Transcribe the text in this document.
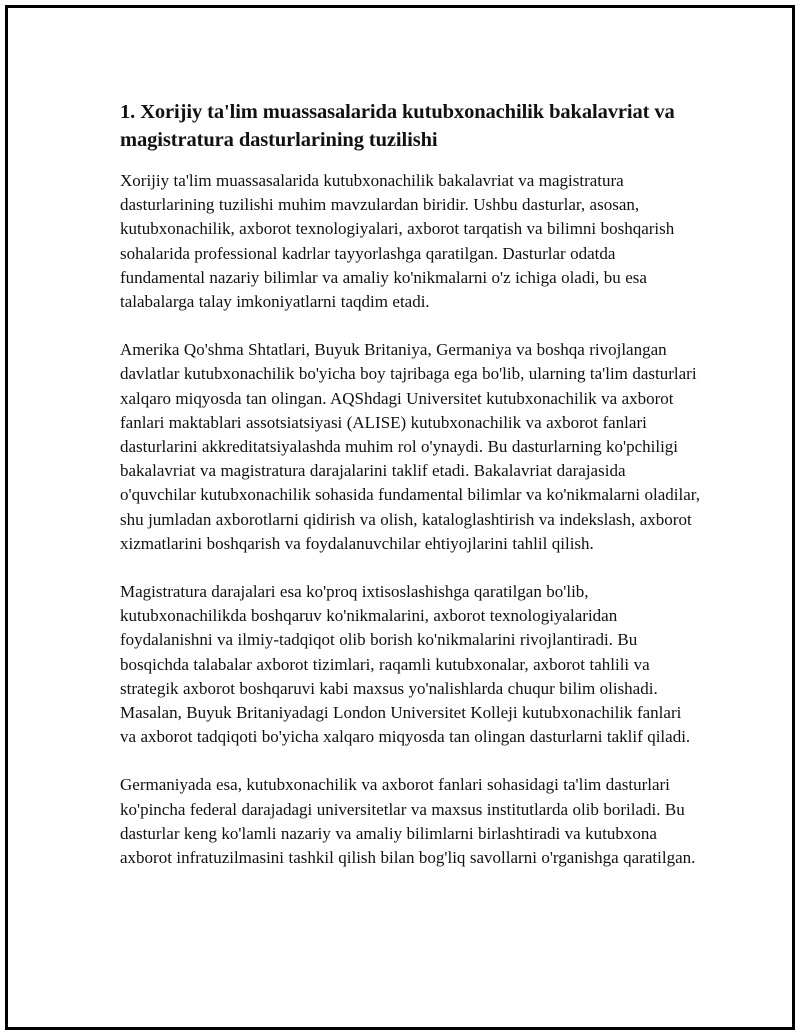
1. Xorijiy ta'lim muassasalarida kutubxonachilik bakalavriat va magistratura dasturlarining tuzilishi

Xorijiy ta'lim muassasalarida kutubxonachilik bakalavriat va magistratura dasturlarining tuzilishi muhim mavzulardan biridir. Ushbu dasturlar, asosan, kutubxonachilik, axborot texnologiyalari, axborot tarqatish va bilimni boshqarish sohalarida professional kadrlar tayyorlashga qaratilgan. Dasturlar odatda fundamental nazariy bilimlar va amaliy ko'nikmalarni o'z ichiga oladi, bu esa talabalarga talay imkoniyatlarni taqdim etadi.

Amerika Qo'shma Shtatlari, Buyuk Britaniya, Germaniya va boshqa rivojlangan davlatlar kutubxonachilik bo'yicha boy tajribaga ega bo'lib, ularning ta'lim dasturlari xalqaro miqyosda tan olingan. AQShdagi Universitet kutubxonachilik va axborot fanlari maktablari assotsiatsiyasi (ALISE) kutubxonachilik va axborot fanlari dasturlarini akkreditatsiyalashda muhim rol o'ynaydi. Bu dasturlarning ko'pchiligi bakalavriat va magistratura darajalarini taklif etadi. Bakalavriat darajasida o'quvchilar kutubxonachilik sohasida fundamental bilimlar va ko'nikmalarni oladilar, shu jumladan axborotlarni qidirish va olish, kataloglashtirish va indekslash, axborot xizmatlarini boshqarish va foydalanuvchilar ehtiyojlarini tahlil qilish.

Magistratura darajalari esa ko'proq ixtisoslashishga qaratilgan bo'lib, kutubxonachilikda boshqaruv ko'nikmalarini, axborot texnologiyalaridan foydalanishni va ilmiy-tadqiqot olib borish ko'nikmalarini rivojlantiradi. Bu bosqichda talabalar axborot tizimlari, raqamli kutubxonalar, axborot tahlili va strategik axborot boshqaruvi kabi maxsus yo'nalishlarda chuqur bilim olishadi. Masalan, Buyuk Britaniyadagi London Universitet Kolleji kutubxonachilik fanlari va axborot tadqiqoti bo'yicha xalqaro miqyosda tan olingan dasturlarni taklif qiladi.

Germaniyada esa, kutubxonachilik va axborot fanlari sohasidagi ta'lim dasturlari ko'pincha federal darajadagi universitetlar va maxsus institutlarda olib boriladi. Bu dasturlar keng ko'lamli nazariy va amaliy bilimlarni birlashtiradi va kutubxona axborot infratuzilmasini tashkil qilish bilan bog'liq savollarni o'rganishga qaratilgan.
